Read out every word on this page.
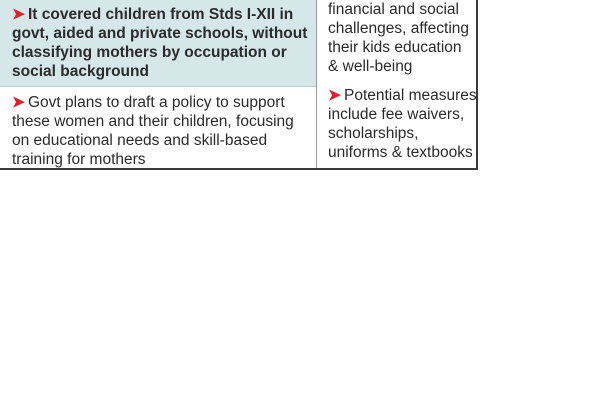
➤ It covered children from Stds I-XII in govt, aided and private schools, without classifying mothers by occupation or social background
➤ Govt plans to draft a policy to support these women and their children, focusing on educational needs and skill-based training for mothers

financial and social

challenges, affecting

their kids education

& well-being

➤ Potential measures

include fee waivers,

scholarships,

uniforms & textbooks
